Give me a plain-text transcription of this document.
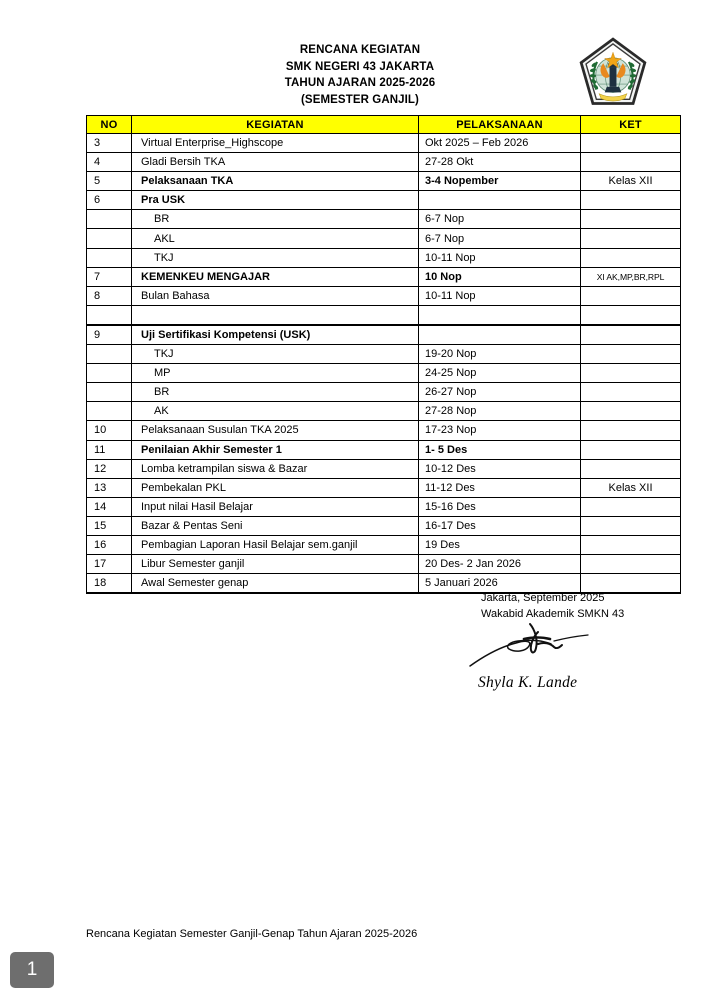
RENCANA KEGIATAN
SMK NEGERI 43 JAKARTA
TAHUN AJARAN 2025-2026
(SEMESTER GANJIL)
NO	KEGIATAN	PELAKSANAAN	KET
3	Virtual Enterprise_Highscope	Okt 2025 – Feb 2026	
4	Gladi Bersih TKA	27-28 Okt	
5	Pelaksanaan TKA	3-4 Nopember	Kelas XII
6	Pra USK		
	BR	6-7 Nop	
	AKL	6-7 Nop	
	TKJ	10-11 Nop	
7	KEMENKEU MENGAJAR	10 Nop	XI AK,MP,BR,RPL
8	Bulan Bahasa	10-11 Nop	

9	Uji Sertifikasi Kompetensi (USK)		
	TKJ	19-20 Nop	
	MP	24-25 Nop	
	BR	26-27 Nop	
	AK	27-28 Nop	
10	Pelaksanaan Susulan TKA 2025	17-23 Nop	
11	Penilaian Akhir Semester 1	1- 5 Des	
12	Lomba ketrampilan siswa & Bazar	10-12 Des	
13	Pembekalan PKL	11-12 Des	Kelas XII
14	Input nilai Hasil Belajar	15-16 Des	
15	Bazar & Pentas Seni	16-17 Des	
16	Pembagian Laporan Hasil Belajar sem.ganjil	19 Des	
17	Libur Semester ganjil	20 Des- 2 Jan 2026	
18	Awal Semester genap	5 Januari 2026	
Jakarta, September 2025
Wakabid Akademik SMKN 43
Shyla K. Lande
Rencana Kegiatan Semester Ganjil-Genap Tahun Ajaran 2025-2026
1
